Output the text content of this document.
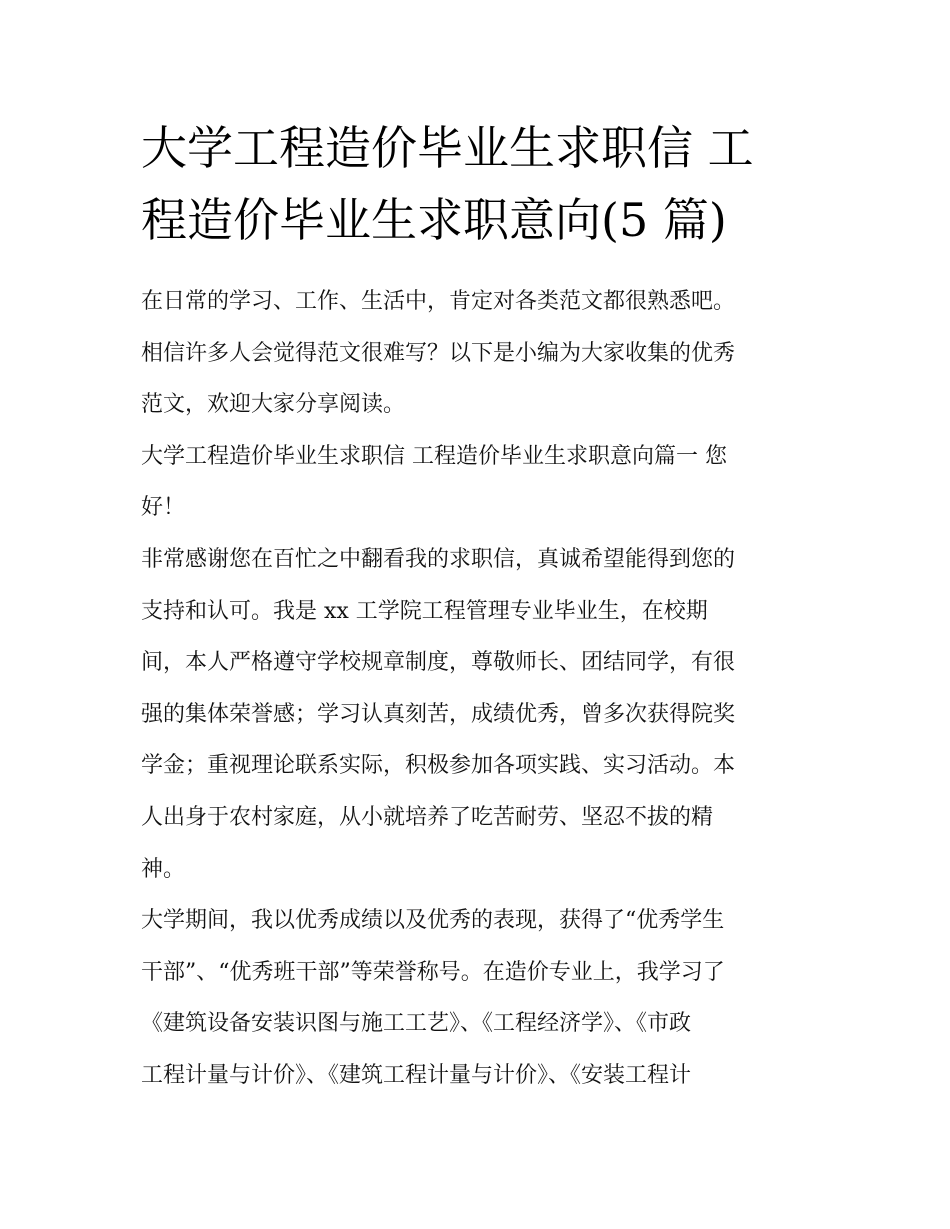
大学工程造价毕业生求职信 工
程造价毕业生求职意向(5 篇)
在日常的学习、工作、生活中，肯定对各类范文都很熟悉吧。
相信许多人会觉得范文很难写？以下是小编为大家收集的优秀
范文，欢迎大家分享阅读。
大学工程造价毕业生求职信 工程造价毕业生求职意向篇一 您
好！
非常感谢您在百忙之中翻看我的求职信，真诚希望能得到您的
支持和认可。我是 xx 工学院工程管理专业毕业生，在校期
间，本人严格遵守学校规章制度，尊敬师长、团结同学，有很
强的集体荣誉感；学习认真刻苦，成绩优秀，曾多次获得院奖
学金；重视理论联系实际，积极参加各项实践、实习活动。本
人出身于农村家庭，从小就培养了吃苦耐劳、坚忍不拔的精
神。
大学期间，我以优秀成绩以及优秀的表现，获得了“优秀学生
干部”、“优秀班干部”等荣誉称号。在造价专业上，我学习了
《建筑设备安装识图与施工工艺》、《工程经济学》、《市政
工程计量与计价》、《建筑工程计量与计价》、《安装工程计
